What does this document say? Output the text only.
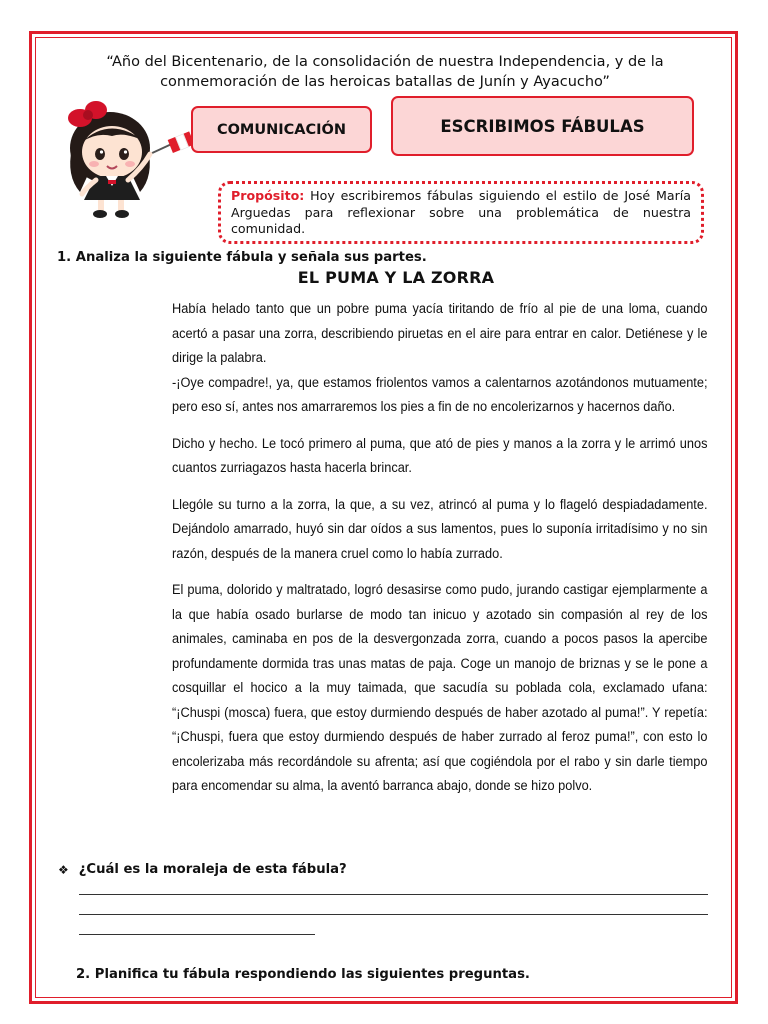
“Año del Bicentenario, de la consolidación de nuestra Independencia, y de la
conmemoración de las heroicas batallas de Junín y Ayacucho”
COMUNICACIÓN	ESCRIBIMOS FÁBULAS
Propósito: Hoy escribiremos fábulas siguiendo el estilo de José María Arguedas para reflexionar sobre una problemática de nuestra comunidad.
1. Analiza la siguiente fábula y señala sus partes.
EL PUMA Y LA ZORRA

Había helado tanto que un pobre puma yacía tiritando de frío al pie de una loma, cuando acertó a pasar una zorra, describiendo piruetas en el aire para entrar en calor. Detiénese y le dirige la palabra.
-¡Oye compadre!, ya, que estamos friolentos vamos a calentarnos azotándonos mutuamente; pero eso sí, antes nos amarraremos los pies a fin de no encolerizarnos y hacernos daño.

Dicho y hecho. Le tocó primero al puma, que ató de pies y manos a la zorra y le arrimó unos cuantos zurriagazos hasta hacerla brincar.

Llególe su turno a la zorra, la que, a su vez, atrincó al puma y lo flageló despiadadamente. Dejándolo amarrado, huyó sin dar oídos a sus lamentos, pues lo suponía irritadísimo y no sin razón, después de la manera cruel como lo había zurrado.

El puma, dolorido y maltratado, logró desasirse como pudo, jurando castigar ejemplarmente a la que había osado burlarse de modo tan inicuo y azotado sin compasión al rey de los animales, caminaba en pos de la desvergonzada zorra, cuando a pocos pasos la apercibe profundamente dormida tras unas matas de paja. Coge un manojo de briznas y se le pone a cosquillar el hocico a la muy taimada, que sacudía su poblada cola, exclamado ufana: “¡Chuspi (mosca) fuera, que estoy durmiendo después de haber azotado al puma!”. Y repetía: “¡Chuspi, fuera que estoy durmiendo después de haber zurrado al feroz puma!”, con esto lo encolerizaba más recordándole su afrenta; así que cogiéndola por el rabo y sin darle tiempo para encomendar su alma, la aventó barranca abajo, donde se hizo polvo.

❖ ¿Cuál es la moraleja de esta fábula?
2. Planifica tu fábula respondiendo las siguientes preguntas.
